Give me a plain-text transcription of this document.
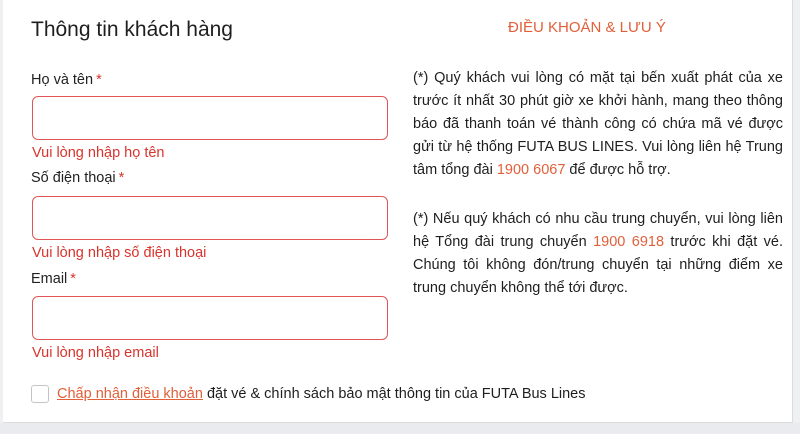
Thông tin khách hàng
Họ và tên *
Vui lòng nhập họ tên
Số điện thoại *
Vui lòng nhập số điện thoại
Email *
Vui lòng nhập email
ĐIỀU KHOẢN & LƯU Ý

(*) Quý khách vui lòng có mặt tại bến xuất phát của xe trước ít nhất 30 phút giờ xe khởi hành, mang theo thông báo đã thanh toán vé thành công có chứa mã vé được gửi từ hệ thống FUTA BUS LINES. Vui lòng liên hệ Trung tâm tổng đài 1900 6067 để được hỗ trợ.

(*) Nếu quý khách có nhu cầu trung chuyển, vui lòng liên hệ Tổng đài trung chuyển 1900 6918 trước khi đặt vé. Chúng tôi không đón/trung chuyển tại những điểm xe trung chuyển không thể tới được.

Chấp nhận điều khoản đặt vé & chính sách bảo mật thông tin của FUTA Bus Lines
